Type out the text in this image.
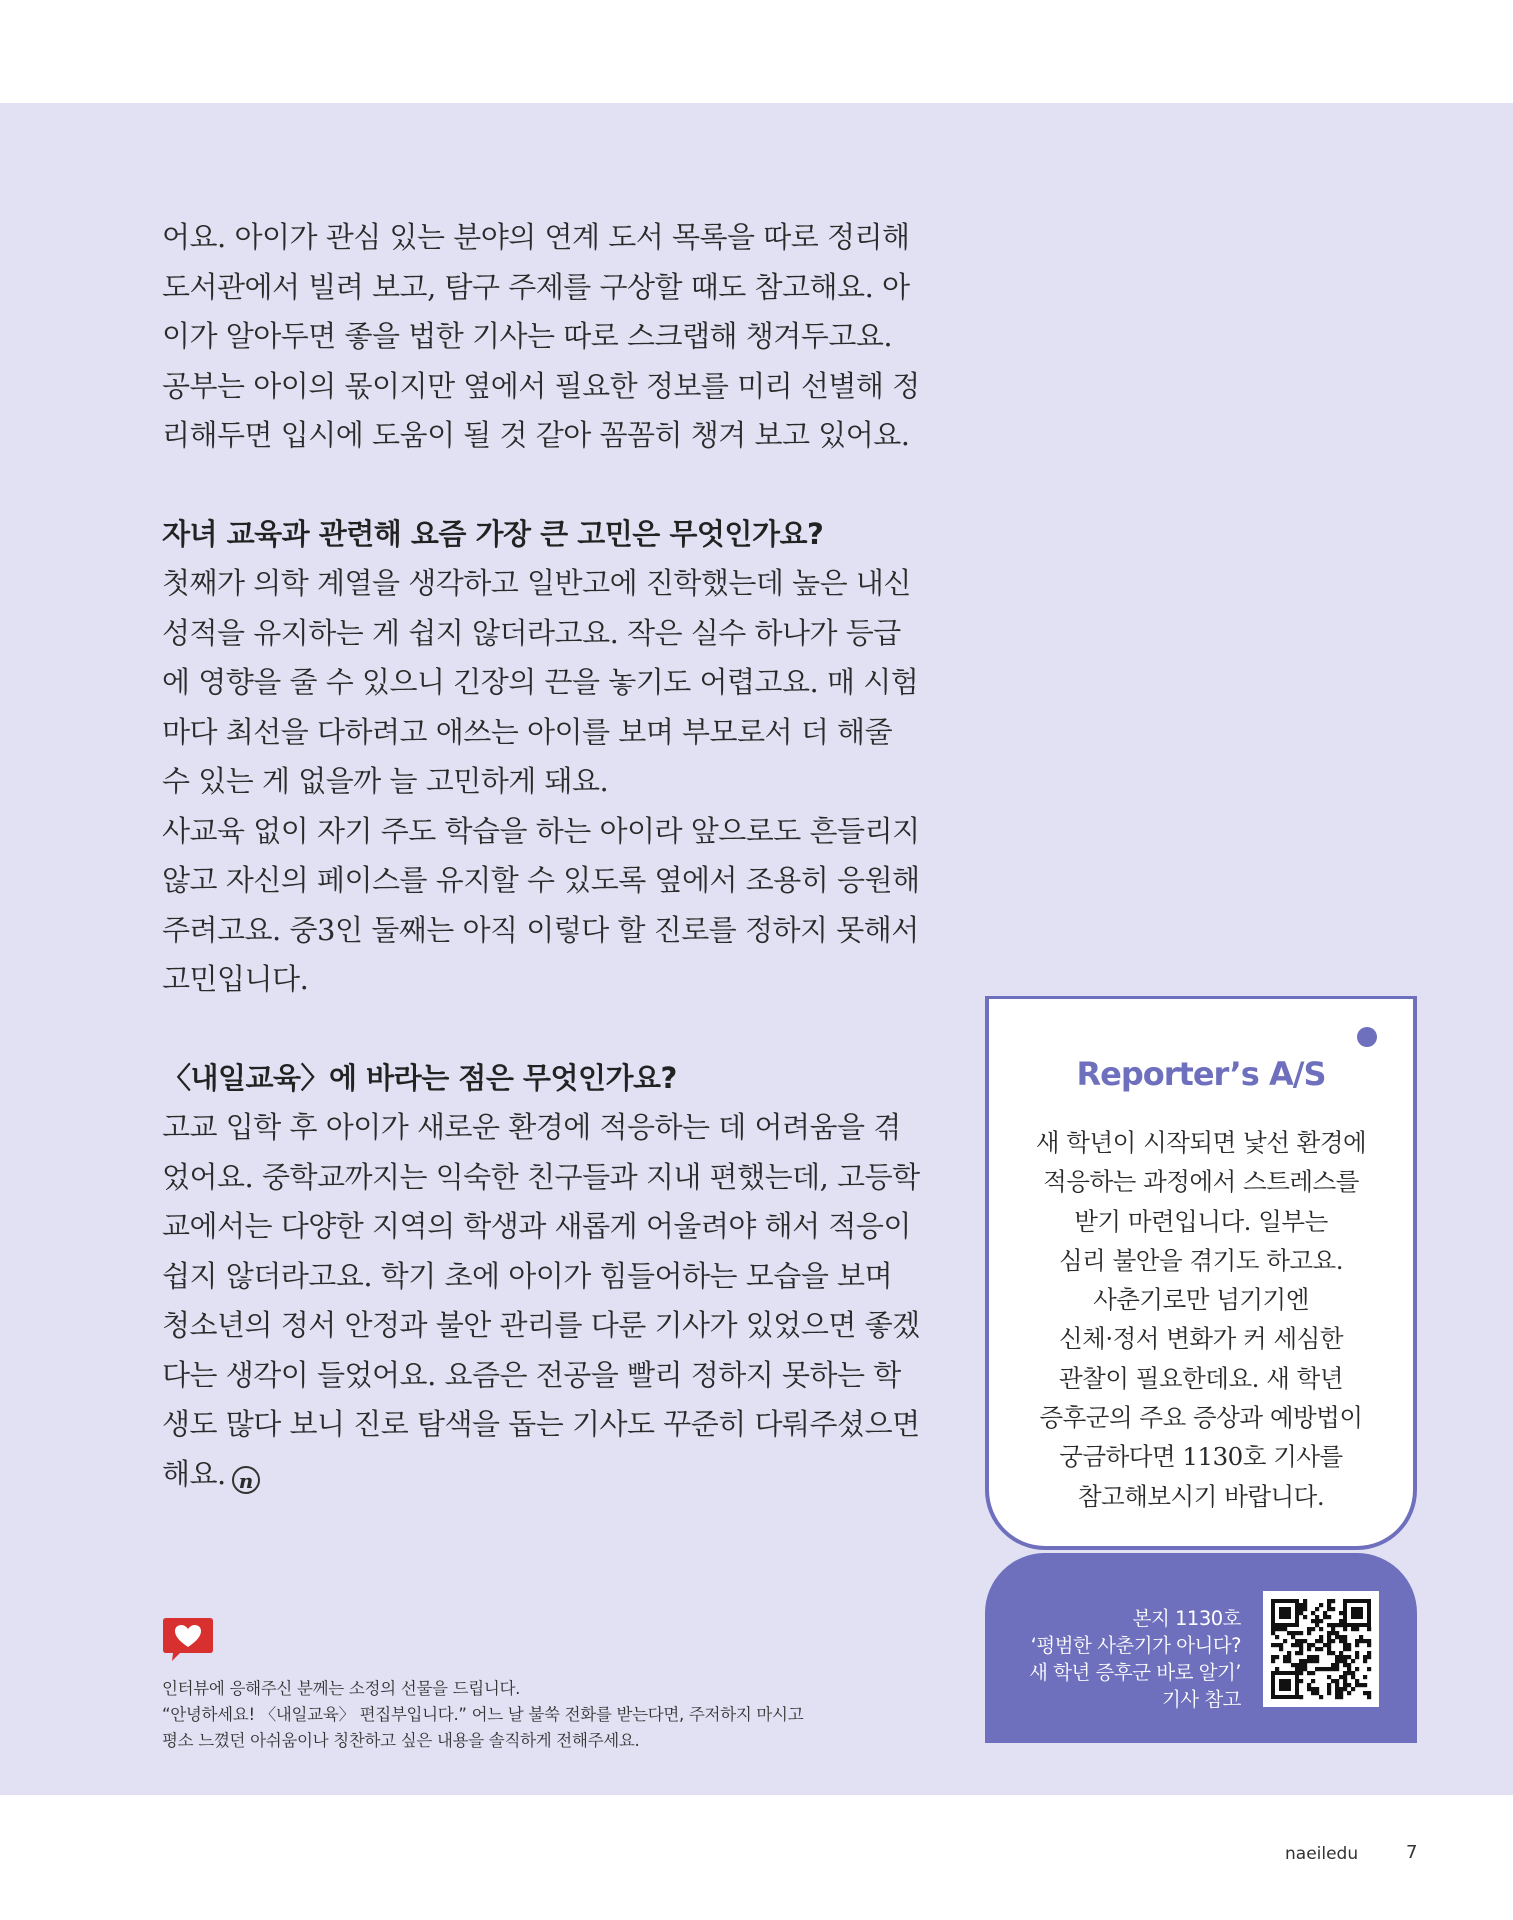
어요. 아이가 관심 있는 분야의 연계 도서 목록을 따로 정리해
도서관에서 빌려 보고, 탐구 주제를 구상할 때도 참고해요. 아
이가 알아두면 좋을 법한 기사는 따로 스크랩해 챙겨두고요.
공부는 아이의 몫이지만 옆에서 필요한 정보를 미리 선별해 정
리해두면 입시에 도움이 될 것 같아 꼼꼼히 챙겨 보고 있어요.

자녀 교육과 관련해 요즘 가장 큰 고민은 무엇인가요?

첫째가 의학 계열을 생각하고 일반고에 진학했는데 높은 내신
성적을 유지하는 게 쉽지 않더라고요. 작은 실수 하나가 등급
에 영향을 줄 수 있으니 긴장의 끈을 놓기도 어렵고요. 매 시험
마다 최선을 다하려고 애쓰는 아이를 보며 부모로서 더 해줄
수 있는 게 없을까 늘 고민하게 돼요.
사교육 없이 자기 주도 학습을 하는 아이라 앞으로도 흔들리지
않고 자신의 페이스를 유지할 수 있도록 옆에서 조용히 응원해
주려고요. 중3인 둘째는 아직 이렇다 할 진로를 정하지 못해서
고민입니다.

〈내일교육〉에 바라는 점은 무엇인가요?

고교 입학 후 아이가 새로운 환경에 적응하는 데 어려움을 겪
었어요. 중학교까지는 익숙한 친구들과 지내 편했는데, 고등학
교에서는 다양한 지역의 학생과 새롭게 어울려야 해서 적응이
쉽지 않더라고요. 학기 초에 아이가 힘들어하는 모습을 보며
청소년의 정서 안정과 불안 관리를 다룬 기사가 있었으면 좋겠
다는 생각이 들었어요. 요즘은 전공을 빨리 정하지 못하는 학
생도 많다 보니 진로 탐색을 돕는 기사도 꾸준히 다뤄주셨으면
해요. n
인터뷰에 응해주신 분께는 소정의 선물을 드립니다.
“안녕하세요! 〈내일교육〉 편집부입니다.” 어느 날 불쑥 전화를 받는다면, 주저하지 마시고
평소 느꼈던 아쉬움이나 칭찬하고 싶은 내용을 솔직하게 전해주세요.
Reporter’s A/S
새 학년이 시작되면 낯선 환경에
적응하는 과정에서 스트레스를
받기 마련입니다. 일부는
심리 불안을 겪기도 하고요.
사춘기로만 넘기기엔
신체·정서 변화가 커 세심한
관찰이 필요한데요. 새 학년
증후군의 주요 증상과 예방법이
궁금하다면 1130호 기사를
참고해보시기 바랍니다.
본지 1130호
‘평범한 사춘기가 아니다?
새 학년 증후군 바로 알기’
기사 참고
naeiledu	7
